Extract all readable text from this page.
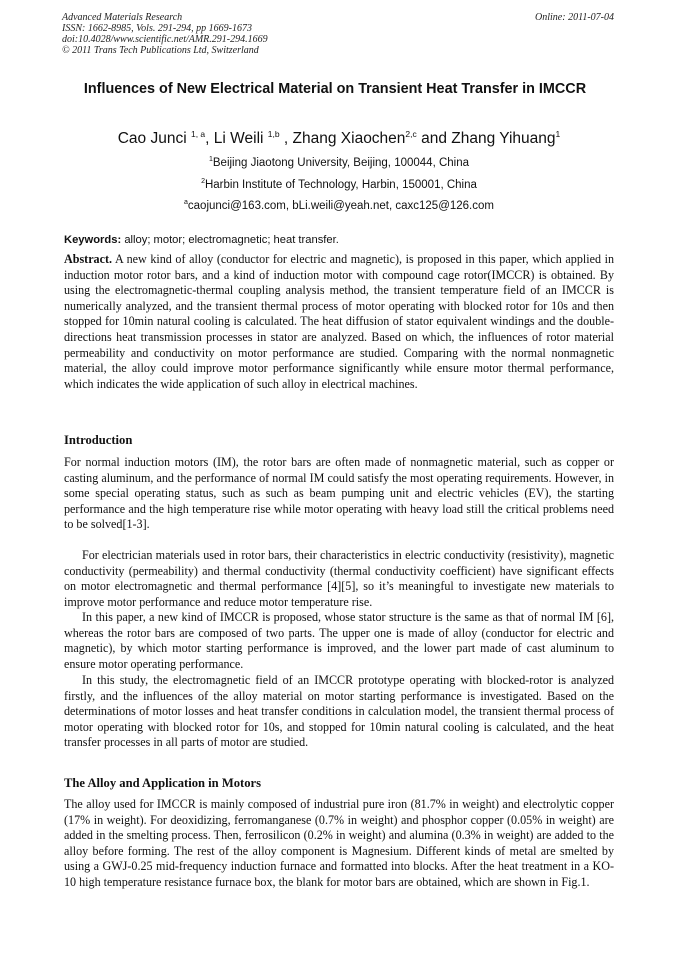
Advanced Materials Research
ISSN: 1662-8985, Vols. 291-294, pp 1669-1673
doi:10.4028/www.scientific.net/AMR.291-294.1669
© 2011 Trans Tech Publications Ltd, Switzerland
Online: 2011-07-04
Influences of New Electrical Material on Transient Heat Transfer in IMCCR
Cao Junci $^{1, a}$, Li Weili $^{1,b}$ , Zhang Xiaochen$^{2,c}$ and Zhang Yihuang$^1$
$^1$Beijing Jiaotong University, Beijing, 100044, China
$^2$Harbin Institute of Technology, Harbin, 150001, China
$^a$caojunci@163.com, bLi.weili@yeah.net, caxc125@126.com
Keywords: alloy; motor; electromagnetic; heat transfer.
Abstract. A new kind of alloy (conductor for electric and magnetic), is proposed in this paper, which applied in induction motor rotor bars, and a kind of induction motor with compound cage rotor(IMCCR) is obtained. By using the electromagnetic-thermal coupling analysis method, the transient temperature field of an IMCCR is numerically analyzed, and the transient thermal process of motor operating with blocked rotor for 10s and then stopped for 10min natural cooling is calculated. The heat diffusion of stator equivalent windings and the double-directions heat transmission processes in stator are analyzed. Based on which, the influences of rotor material permeability and conductivity on motor performance are studied. Comparing with the normal nonmagnetic material, the alloy could improve motor performance significantly while ensure motor thermal performance, which indicates the wide application of such alloy in electrical machines.
Introduction
For normal induction motors (IM), the rotor bars are often made of nonmagnetic material, such as copper or casting aluminum, and the performance of normal IM could satisfy the most operating requirements. However, in some special operating status, such as such as beam pumping unit and electric vehicles (EV), the starting performance and the high temperature rise while motor operating with heavy load still the critical problems need to be solved[1-3].
For electrician materials used in rotor bars, their characteristics in electric conductivity (resistivity), magnetic conductivity (permeability) and thermal conductivity (thermal conductivity coefficient) have significant effects on motor electromagnetic and thermal performance [4][5], so it’s meaningful to investigate new materials to improve motor performance and reduce motor temperature rise.
In this paper, a new kind of IMCCR is proposed, whose stator structure is the same as that of normal IM [6], whereas the rotor bars are composed of two parts. The upper one is made of alloy (conductor for electric and magnetic), by which motor starting performance is improved, and the lower part made of cast aluminum to ensure motor operating performance.
In this study, the electromagnetic field of an IMCCR prototype operating with blocked-rotor is analyzed firstly, and the influences of the alloy material on motor starting performance is investigated. Based on the determinations of motor losses and heat transfer conditions in calculation model, the transient thermal process of motor operating with blocked rotor for 10s, and stopped for 10min natural cooling is calculated, and the heat transfer processes in all parts of motor are studied.
The Alloy and Application in Motors
The alloy used for IMCCR is mainly composed of industrial pure iron (81.7% in weight) and electrolytic copper (17% in weight). For deoxidizing, ferromanganese (0.7% in weight) and phosphor copper (0.05% in weight) are added in the smelting process. Then, ferrosilicon (0.2% in weight) and alumina (0.3% in weight) are added to the alloy before forming. The rest of the alloy component is Magnesium. Different kinds of metal are smelted by using a GWJ-0.25 mid-frequency induction furnace and formatted into blocks. After the heat treatment in a KO-10 high temperature resistance furnace box, the blank for motor bars are obtained, which are shown in Fig.1.
